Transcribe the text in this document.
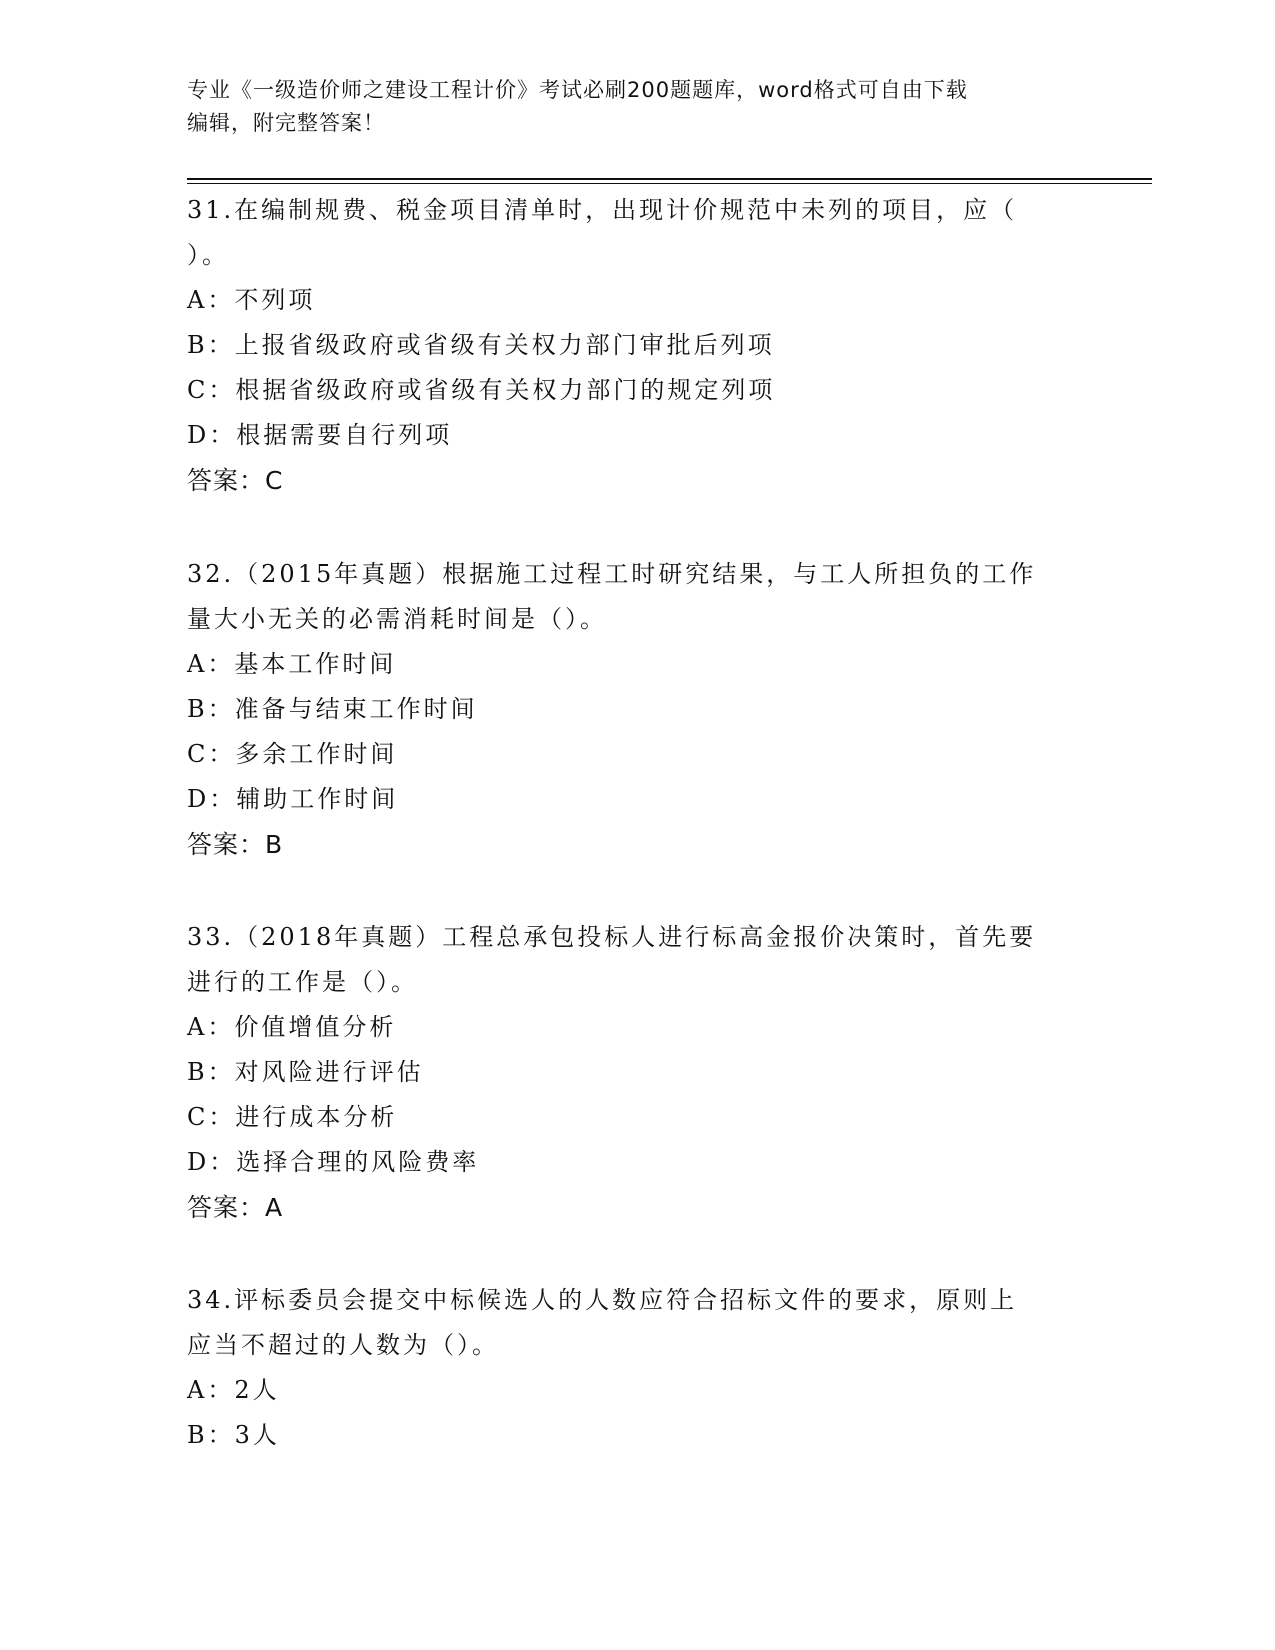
专业《一级造价师之建设工程计价》考试必刷200题题库，word格式可自由下载
编辑，附完整答案！
31.在编制规费、税金项目清单时，出现计价规范中未列的项目，应（
）。
A：不列项
B：上报省级政府或省级有关权力部门审批后列项
C：根据省级政府或省级有关权力部门的规定列项
D：根据需要自行列项
答案：C
32.（2015年真题）根据施工过程工时研究结果，与工人所担负的工作
量大小无关的必需消耗时间是（）。
A：基本工作时间
B：准备与结束工作时间
C：多余工作时间
D：辅助工作时间
答案：B
33.（2018年真题）工程总承包投标人进行标高金报价决策时，首先要
进行的工作是（）。
A：价值增值分析
B：对风险进行评估
C：进行成本分析
D：选择合理的风险费率
答案：A
34.评标委员会提交中标候选人的人数应符合招标文件的要求，原则上
应当不超过的人数为（）。
A：2人
B：3人
